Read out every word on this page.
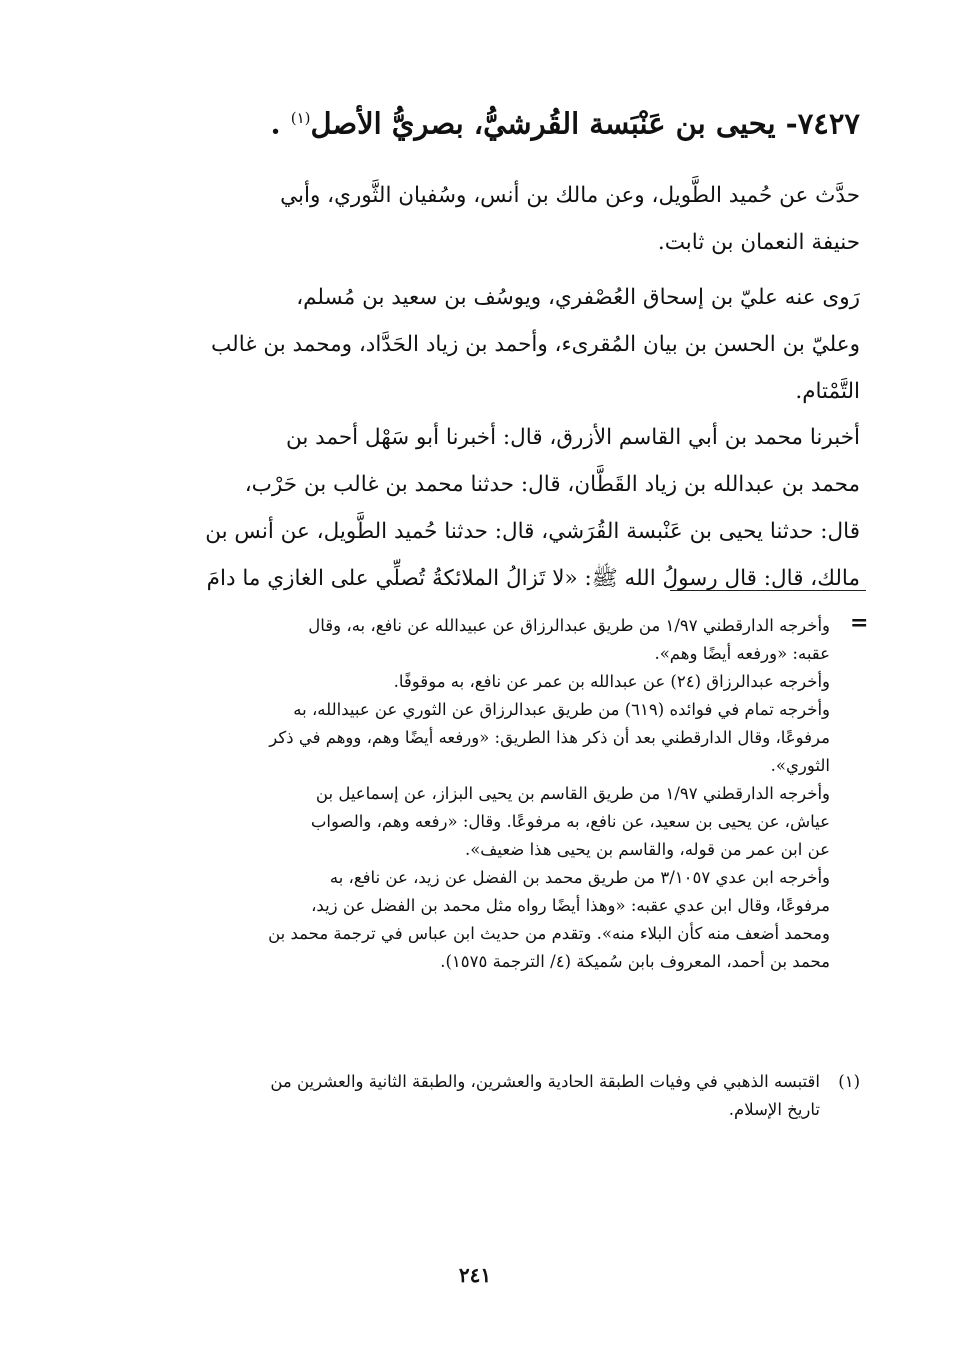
٧٤٢٧- يحيى بن عَنْبَسة القُرشيُّ، بصريُّ الأصل$^{(١)}$ .
حدَّث عن حُميد الطَّويل، وعن مالك بن أنس، وسُفيان الثَّوري، وأبي
حنيفة النعمان بن ثابت.
رَوى عنه عليّ بن إسحاق العُصْفري، ويوسُف بن سعيد بن مُسلم،
وعليّ بن الحسن بن بيان المُقرىء، وأحمد بن زياد الحَدَّاد، ومحمد بن غالب
التَّمْتام.
أخبرنا محمد بن أبي القاسم الأزرق، قال: أخبرنا أبو سَهْل أحمد بن
محمد بن عبدالله بن زياد القَطَّان، قال: حدثنا محمد بن غالب بن حَرْب،
قال: حدثنا يحيى بن عَنْبسة القُرَشي، قال: حدثنا حُميد الطَّويل، عن أنس بن
مالك، قال: قال رسولُ الله ﷺ: «لا تَزالُ الملائكةُ تُصلِّي على الغازي ما دامَ
=
وأخرجه الدارقطني ١/٩٧ من طريق عبدالرزاق عن عبيدالله عن نافع، به، وقال
عقبه: «ورفعه أيضًا وهم».
وأخرجه عبدالرزاق (٢٤) عن عبدالله بن عمر عن نافع، به موقوفًا.
وأخرجه تمام في فوائده (٦١٩) من طريق عبدالرزاق عن الثوري عن عبيدالله، به
مرفوعًا، وقال الدارقطني بعد أن ذكر هذا الطريق: «ورفعه أيضًا وهم، ووهم في ذكر
الثوري».
وأخرجه الدارقطني ١/٩٧ من طريق القاسم بن يحيى البزاز، عن إسماعيل بن
عياش، عن يحيى بن سعيد، عن نافع، به مرفوعًا. وقال: «رفعه وهم، والصواب
عن ابن عمر من قوله، والقاسم بن يحيى هذا ضعيف».
وأخرجه ابن عدي ٣/١٠٥٧ من طريق محمد بن الفضل عن زيد، عن نافع، به
مرفوعًا، وقال ابن عدي عقبه: «وهذا أيضًا رواه مثل محمد بن الفضل عن زيد،
ومحمد أضعف منه كأن البلاء منه». وتقدم من حديث ابن عباس في ترجمة محمد بن
محمد بن أحمد، المعروف بابن سُميكة (٤/ الترجمة ١٥٧٥).
(١)
اقتبسه الذهبي في وفيات الطبقة الحادية والعشرين، والطبقة الثانية والعشرين من
تاريخ الإسلام.
٢٤١
